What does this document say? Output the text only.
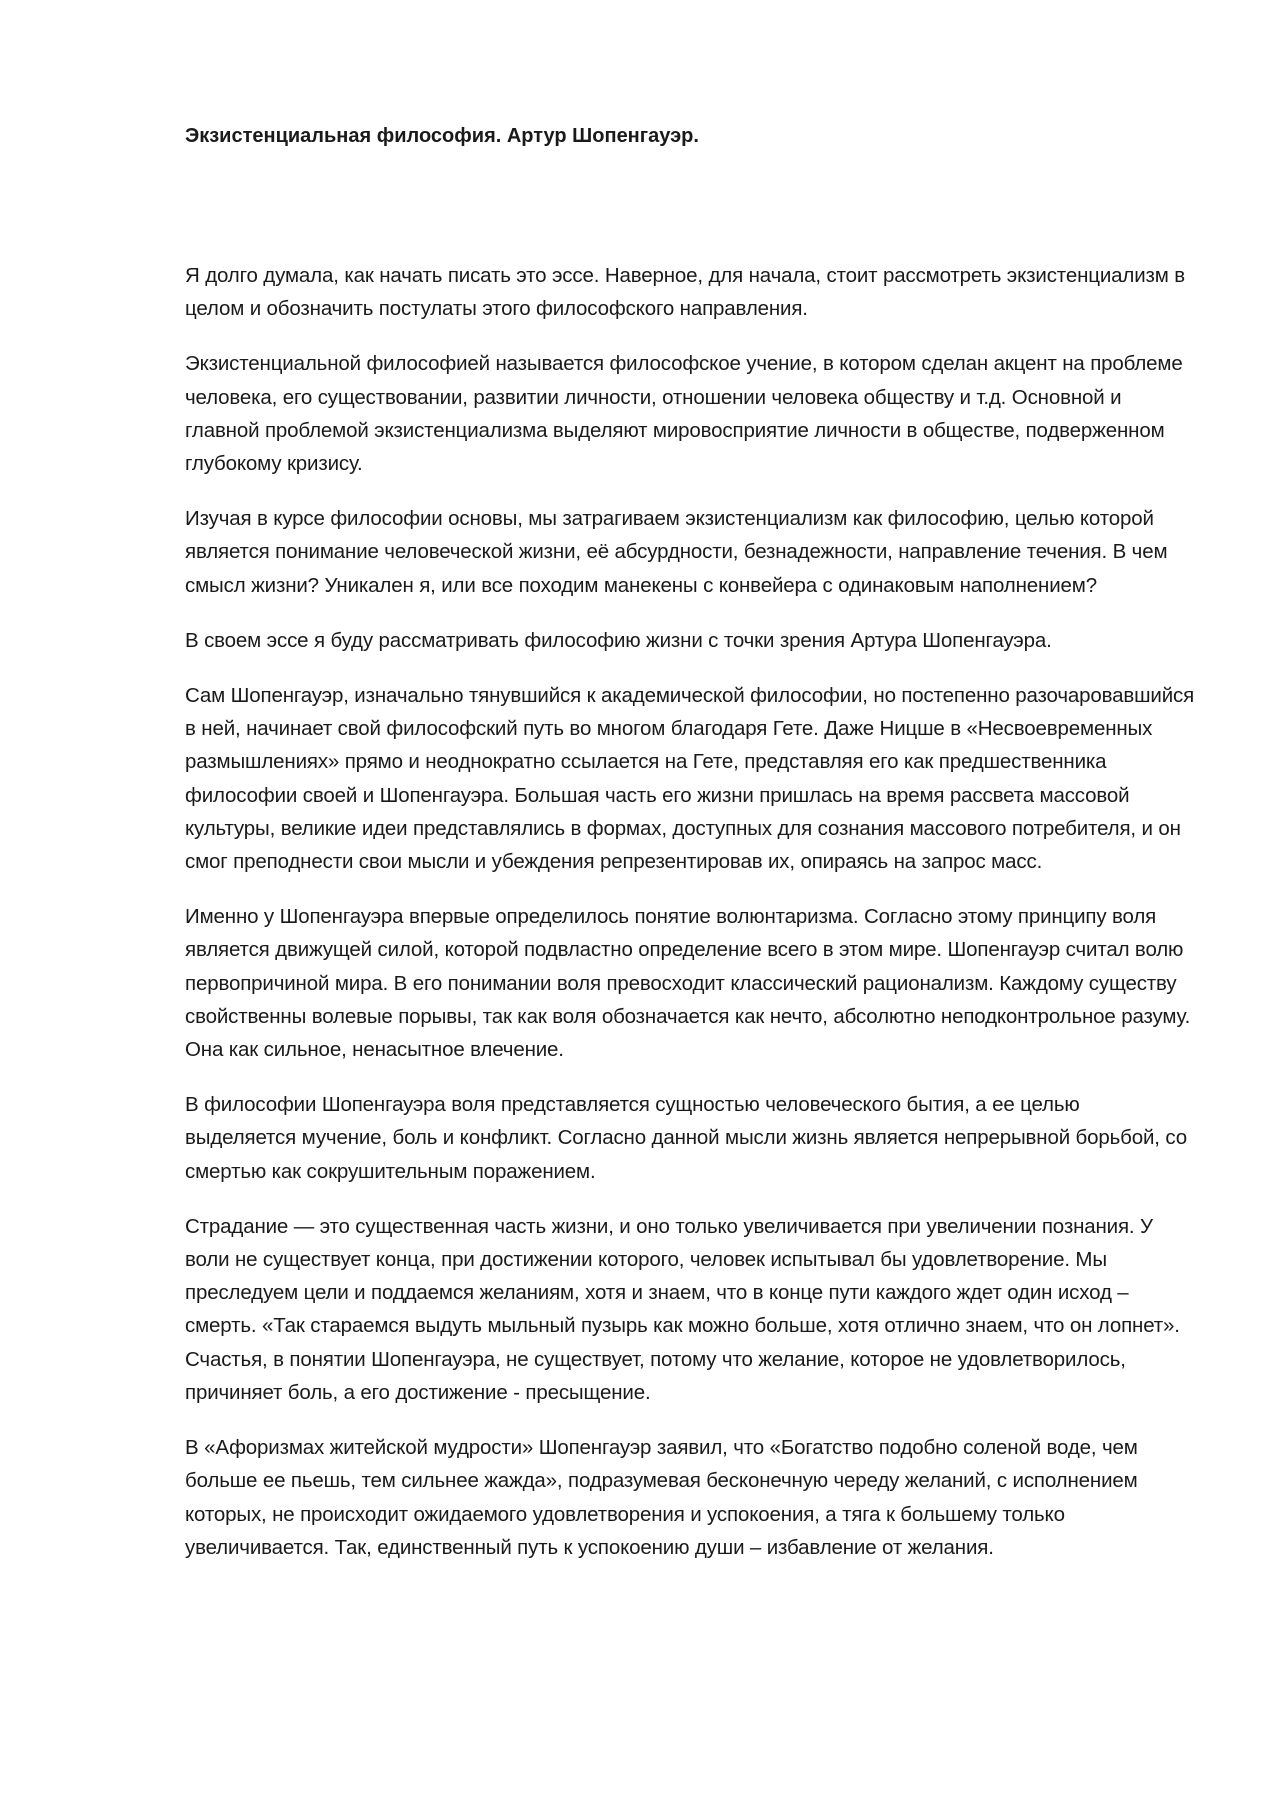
Экзистенциальная философия. Артур Шопенгауэр.

Я долго думала, как начать писать это эссе. Наверное, для начала, стоит рассмотреть экзистенциализм в целом и обозначить постулаты этого философского направления.

Экзистенциальной философией называется философское учение, в котором сделан акцент на проблеме человека, его существовании, развитии личности, отношении человека обществу и т.д. Основной и главной проблемой экзистенциализма выделяют мировосприятие личности в обществе, подверженном глубокому кризису.

Изучая в курсе философии основы, мы затрагиваем экзистенциализм как философию, целью которой является понимание человеческой жизни, её абсурдности, безнадежности, направление течения. В чем смысл жизни? Уникален я, или все походим манекены с конвейера с одинаковым наполнением?

В своем эссе я буду рассматривать философию жизни с точки зрения Артура Шопенгауэра.

Сам Шопенгауэр, изначально тянувшийся к академической философии, но постепенно разочаровавшийся в ней, начинает свой философский путь во многом благодаря Гете. Даже Ницше в «Несвоевременных размышлениях» прямо и неоднократно ссылается на Гете, представляя его как предшественника философии своей и Шопенгауэра. Большая часть его жизни пришлась на время рассвета массовой культуры, великие идеи представлялись в формах, доступных для сознания массового потребителя, и он смог преподнести свои мысли и убеждения репрезентировав их, опираясь на запрос масс.

Именно у Шопенгауэра впервые определилось понятие волюнтаризма. Согласно этому принципу воля является движущей силой, которой подвластно определение всего в этом мире. Шопенгауэр считал волю первопричиной мира. В его понимании воля превосходит классический рационализм. Каждому существу свойственны волевые порывы, так как воля обозначается как нечто, абсолютно неподконтрольное разуму. Она как сильное, ненасытное влечение.

В философии Шопенгауэра воля представляется сущностью человеческого бытия, а ее целью выделяется мучение, боль и конфликт. Согласно данной мысли жизнь является непрерывной борьбой, со смертью как сокрушительным поражением.

Страдание — это существенная часть жизни, и оно только увеличивается при увеличении познания. У воли не существует конца, при достижении которого, человек испытывал бы удовлетворение. Мы преследуем цели и поддаемся желаниям, хотя и знаем, что в конце пути каждого ждет один исход – смерть. «Так стараемся выдуть мыльный пузырь как можно больше, хотя отлично знаем, что он лопнет». Счастья, в понятии Шопенгауэра, не существует, потому что желание, которое не удовлетворилось, причиняет боль, а его достижение - пресыщение.

В «Афоризмах житейской мудрости» Шопенгауэр заявил, что «Богатство подобно соленой воде, чем больше ее пьешь, тем сильнее жажда», подразумевая бесконечную череду желаний, с исполнением которых, не происходит ожидаемого удовлетворения и успокоения, а тяга к большему только увеличивается. Так, единственный путь к успокоению души – избавление от желания.
